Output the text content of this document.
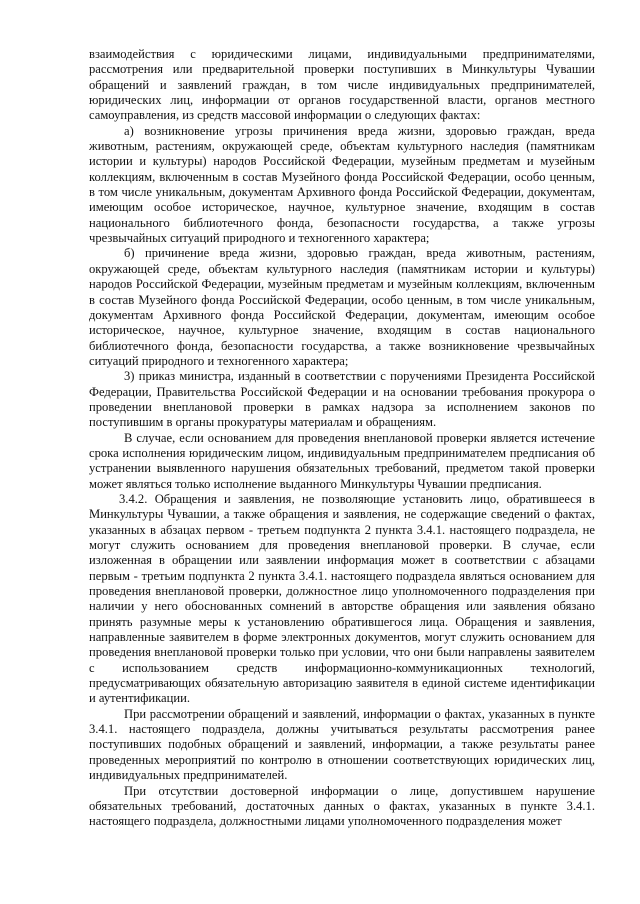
взаимодействия с юридическими лицами, индивидуальными предпринимателями, рассмотрения или предварительной проверки поступивших в Минкультуры Чувашии обращений и заявлений граждан, в том числе индивидуальных предпринимателей, юридических лиц, информации от органов государственной власти, органов местного самоуправления, из средств массовой информации о следующих фактах:

а) возникновение угрозы причинения вреда жизни, здоровью граждан, вреда животным, растениям, окружающей среде, объектам культурного наследия (памятникам истории и культуры) народов Российской Федерации, музейным предметам и музейным коллекциям, включенным в состав Музейного фонда Российской Федерации, особо ценным, в том числе уникальным, документам Архивного фонда Российской Федерации, документам, имеющим особое историческое, научное, культурное значение, входящим в состав национального библиотечного фонда, безопасности государства, а также угрозы чрезвычайных ситуаций природного и техногенного характера;

б) причинение вреда жизни, здоровью граждан, вреда животным, растениям, окружающей среде, объектам культурного наследия (памятникам истории и культуры) народов Российской Федерации, музейным предметам и музейным коллекциям, включенным в состав Музейного фонда Российской Федерации, особо ценным, в том числе уникальным, документам Архивного фонда Российской Федерации, документам, имеющим особое историческое, научное, культурное значение, входящим в состав национального библиотечного фонда, безопасности государства, а также возникновение чрезвычайных ситуаций природного и техногенного характера;

3) приказ министра, изданный в соответствии с поручениями Президента Российской Федерации, Правительства Российской Федерации и на основании требования прокурора о проведении внеплановой проверки в рамках надзора за исполнением законов по поступившим в органы прокуратуры материалам и обращениям.

В случае, если основанием для проведения внеплановой проверки является истечение срока исполнения юридическим лицом, индивидуальным предпринимателем предписания об устранении выявленного нарушения обязательных требований, предметом такой проверки может являться только исполнение выданного Минкультуры Чувашии предписания.

3.4.2. Обращения и заявления, не позволяющие установить лицо, обратившееся в Минкультуры Чувашии, а также обращения и заявления, не содержащие сведений о фактах, указанных в абзацах первом - третьем подпункта 2 пункта 3.4.1. настоящего подраздела, не могут служить основанием для проведения внеплановой проверки. В случае, если изложенная в обращении или заявлении информация может в соответствии с абзацами первым - третьим подпункта 2 пункта 3.4.1. настоящего подраздела являться основанием для проведения внеплановой проверки, должностное лицо уполномоченного подразделения при наличии у него обоснованных сомнений в авторстве обращения или заявления обязано принять разумные меры к установлению обратившегося лица. Обращения и заявления, направленные заявителем в форме электронных документов, могут служить основанием для проведения внеплановой проверки только при условии, что они были направлены заявителем с использованием средств информационно-коммуникационных технологий, предусматривающих обязательную авторизацию заявителя в единой системе идентификации и аутентификации.

При рассмотрении обращений и заявлений, информации о фактах, указанных в пункте 3.4.1. настоящего подраздела, должны учитываться результаты рассмотрения ранее поступивших подобных обращений и заявлений, информации, а также результаты ранее проведенных мероприятий по контролю в отношении соответствующих юридических лиц, индивидуальных предпринимателей.

При отсутствии достоверной информации о лице, допустившем нарушение обязательных требований, достаточных данных о фактах, указанных в пункте 3.4.1. настоящего подраздела, должностными лицами уполномоченного подразделения может
